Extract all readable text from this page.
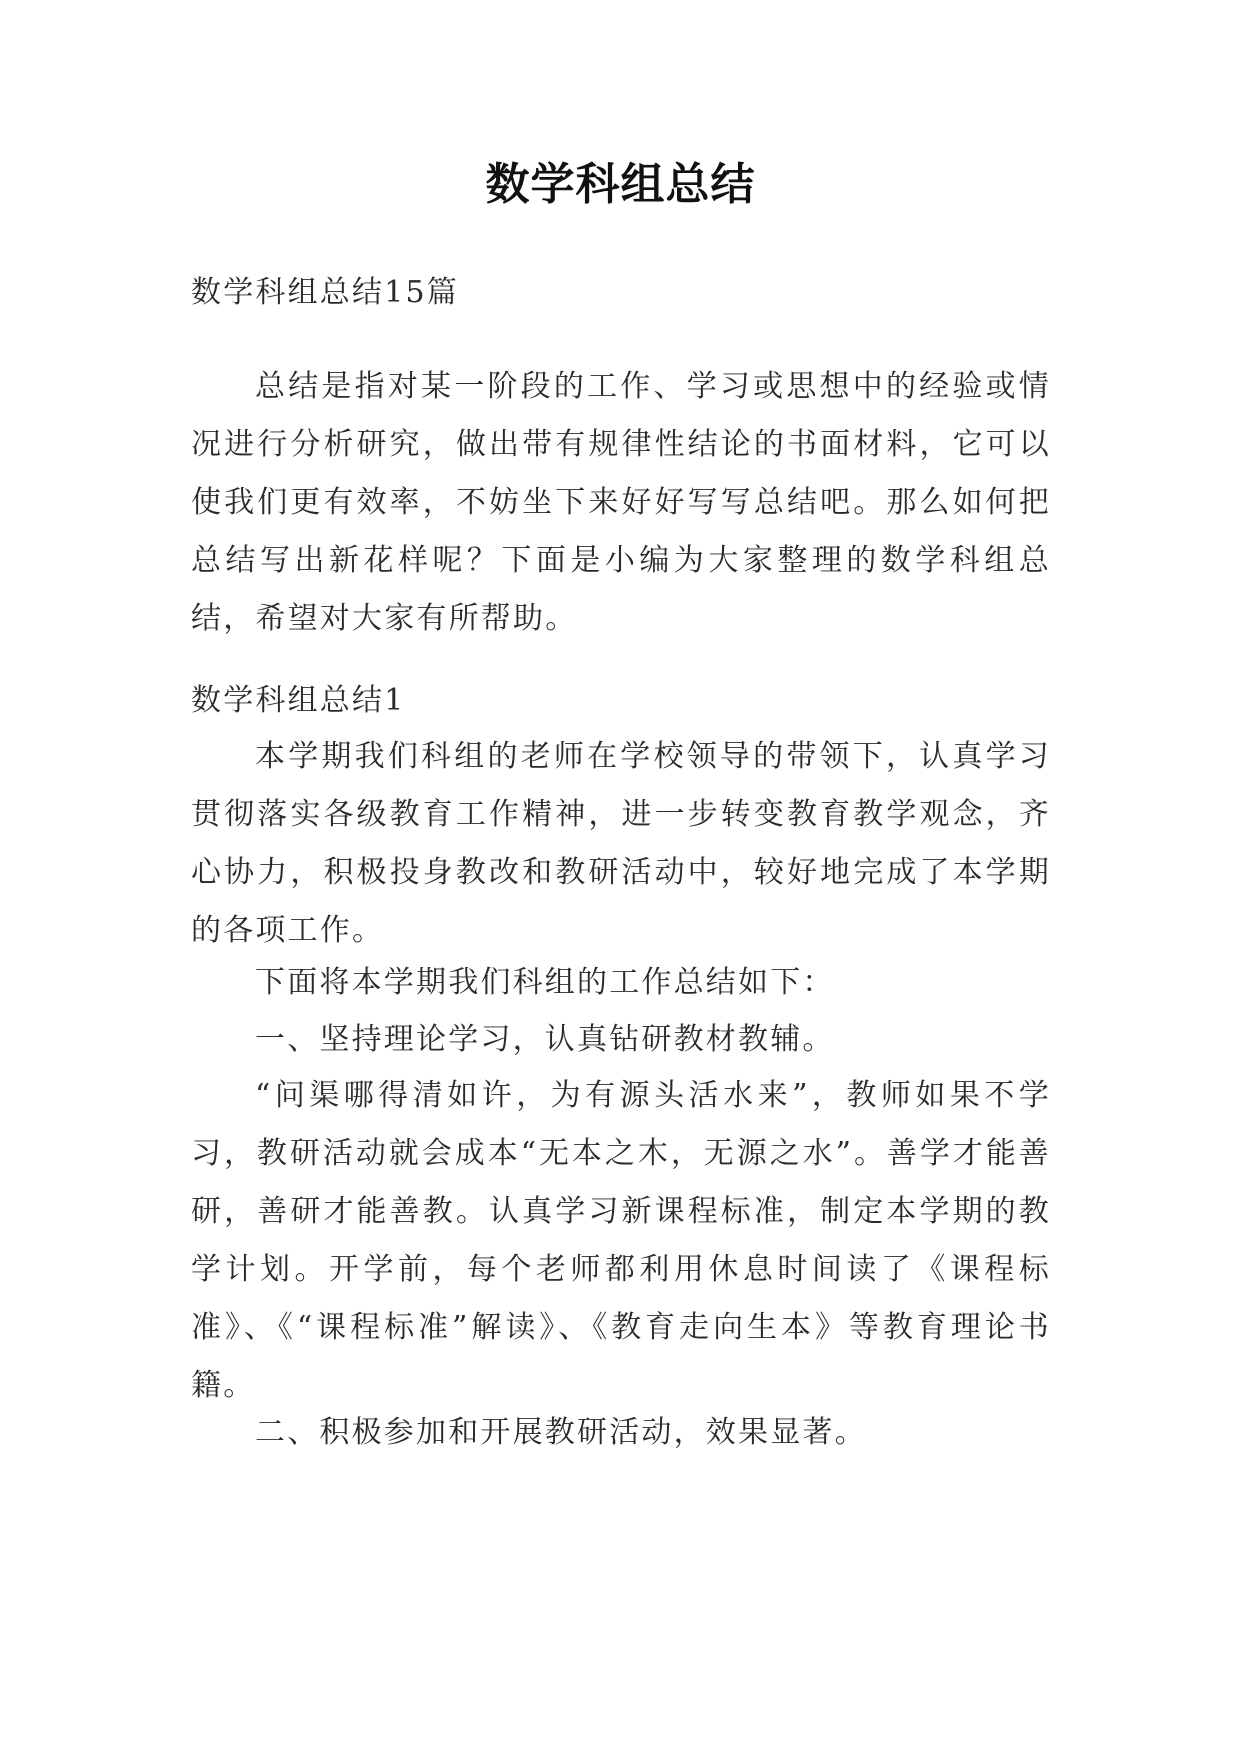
数学科组总结

数学科组总结15篇

总结是指对某一阶段的工作、学习或思想中的经验或情况进行分析研究，做出带有规律性结论的书面材料，它可以使我们更有效率，不妨坐下来好好写写总结吧。那么如何把总结写出新花样呢？下面是小编为大家整理的数学科组总结，希望对大家有所帮助。

数学科组总结1

本学期我们科组的老师在学校领导的带领下，认真学习贯彻落实各级教育工作精神，进一步转变教育教学观念，齐心协力，积极投身教改和教研活动中，较好地完成了本学期的各项工作。

下面将本学期我们科组的工作总结如下：

一、坚持理论学习，认真钻研教材教辅。

“问渠哪得清如许，为有源头活水来”，教师如果不学习，教研活动就会成本“无本之木，无源之水”。善学才能善研，善研才能善教。认真学习新课程标准，制定本学期的教学计划。开学前，每个老师都利用休息时间读了《课程标准》、《“课程标准”解读》、《教育走向生本》等教育理论书籍。

二、积极参加和开展教研活动，效果显著。
